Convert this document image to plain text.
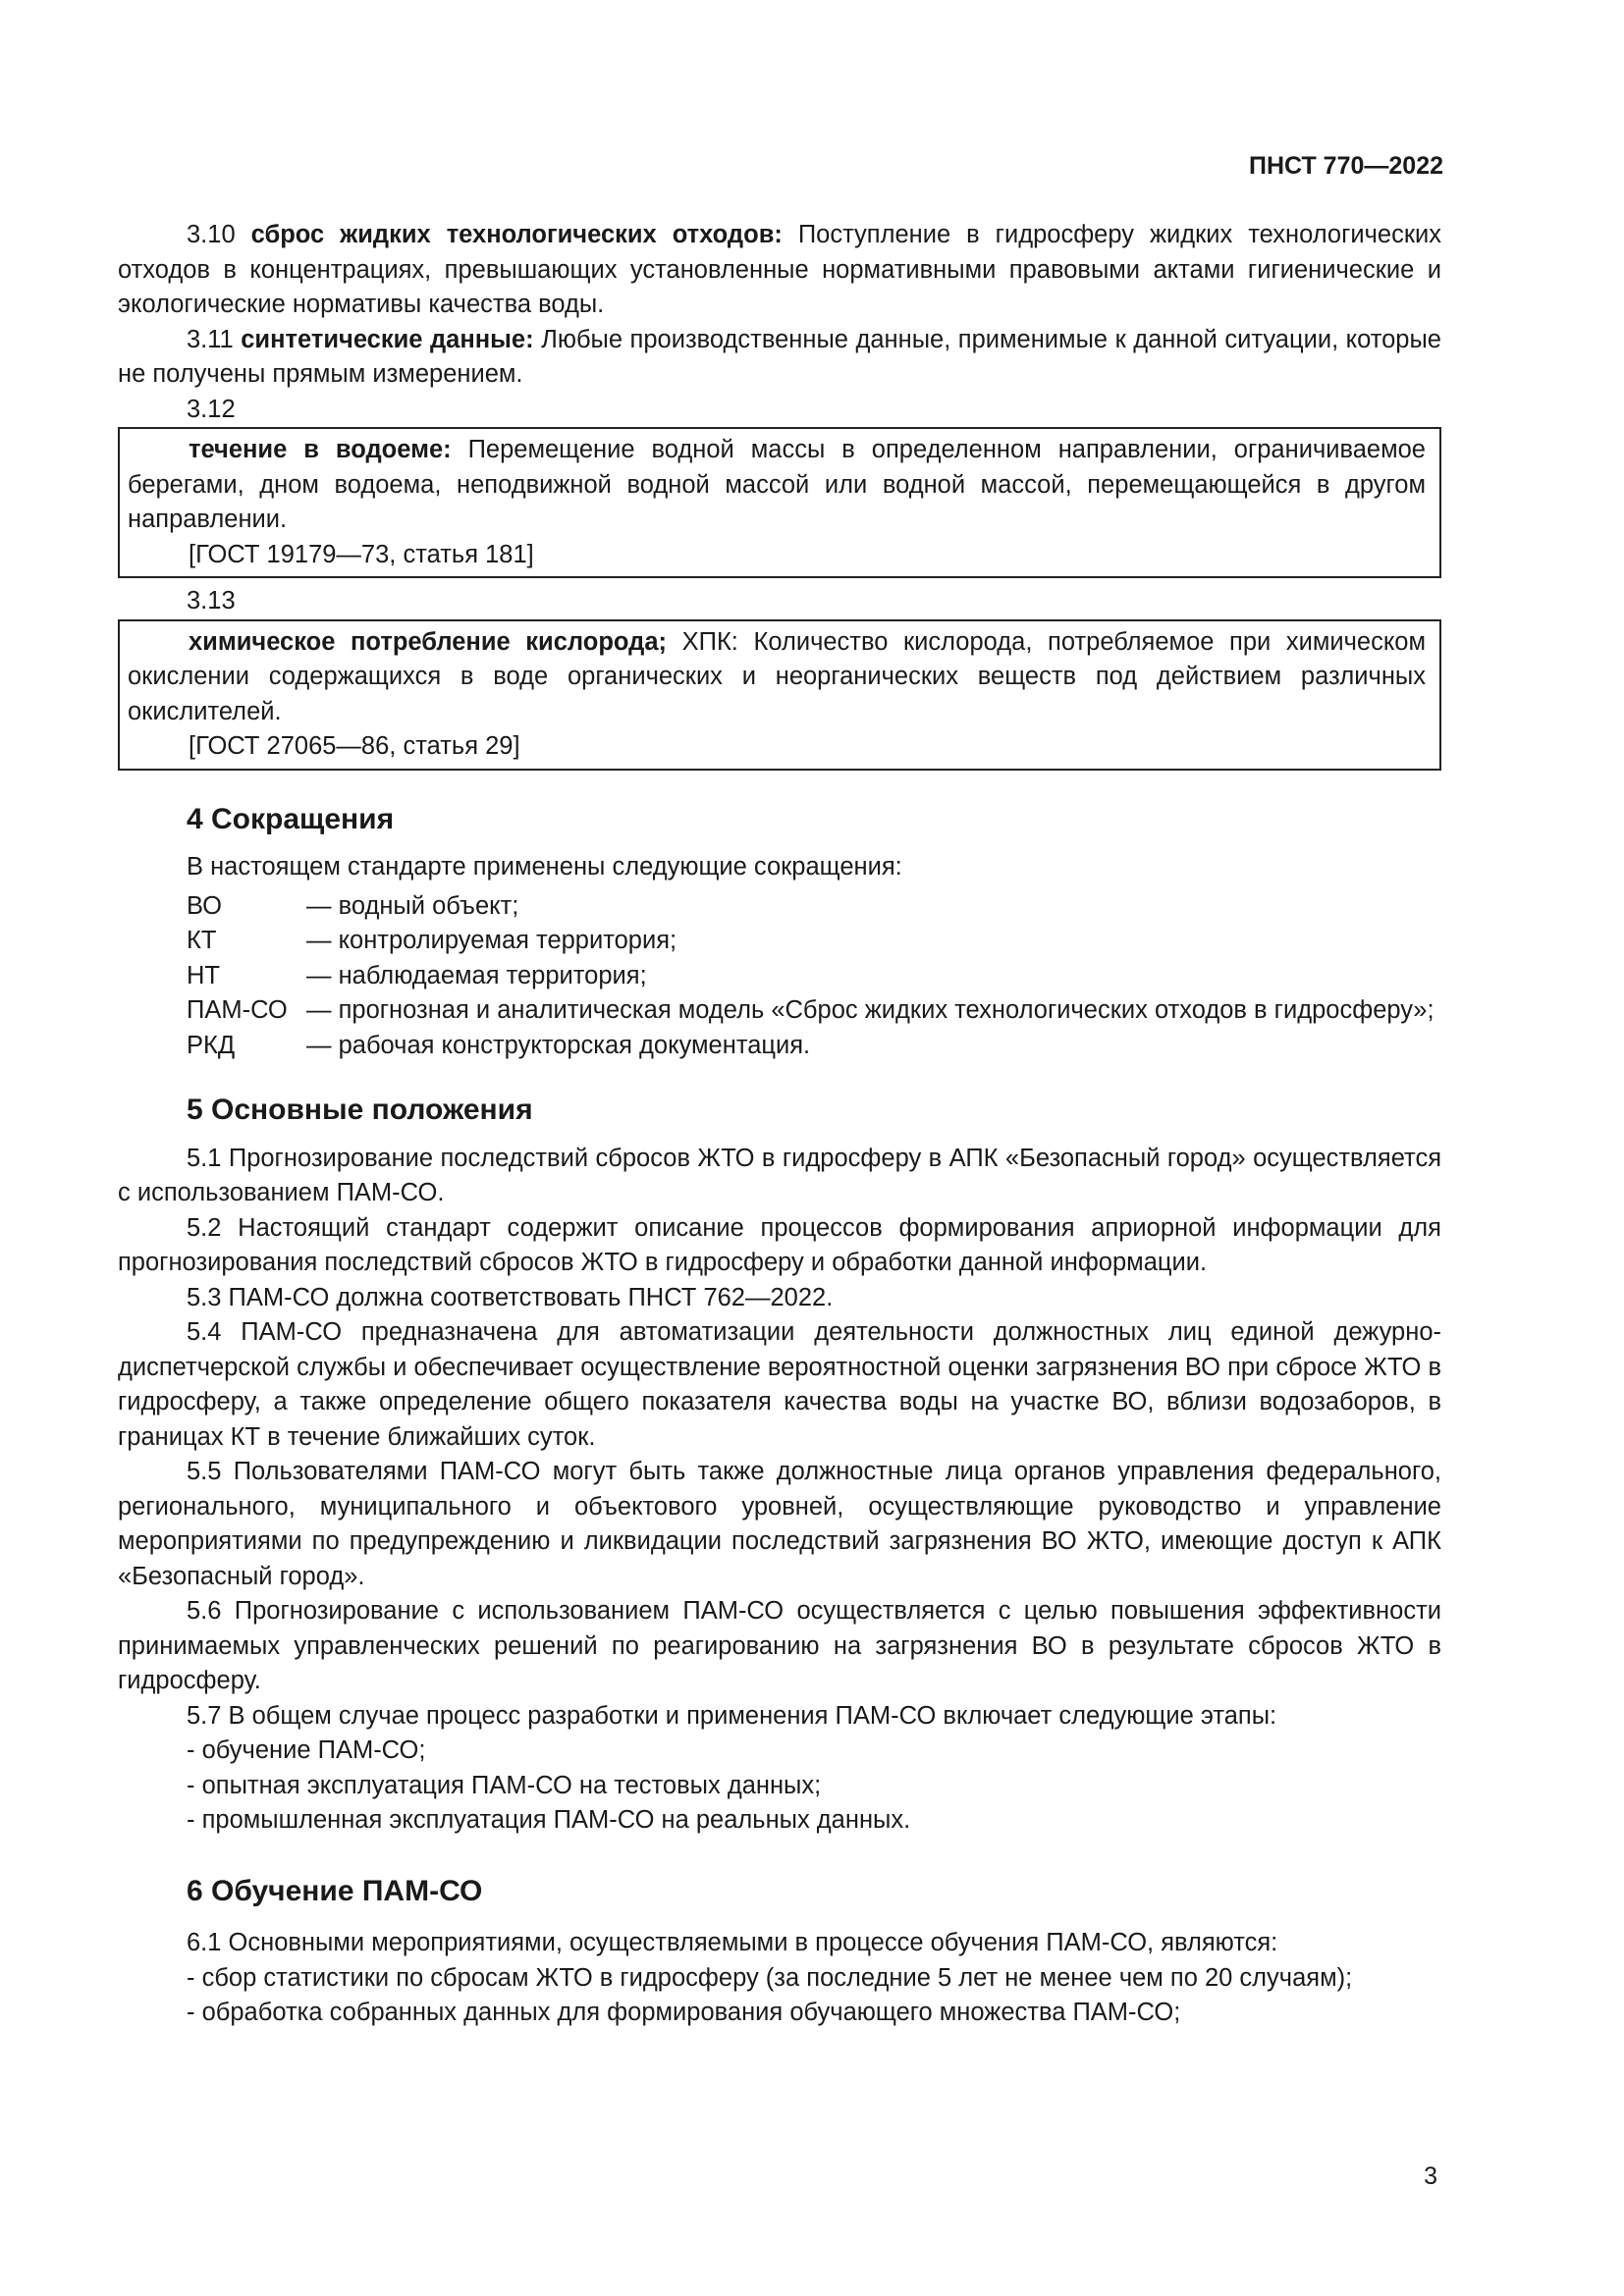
ПНСТ 770—2022

3.10 сброс жидких технологических отходов: Поступление в гидросферу жидких технологических отходов в концентрациях, превышающих установленные нормативными правовыми актами гигиенические и экологические нормативы качества воды.

3.11 синтетические данные: Любые производственные данные, применимые к данной ситуации, которые не получены прямым измерением.

3.12

течение в водоеме: Перемещение водной массы в определенном направлении, ограничиваемое берегами, дном водоема, неподвижной водной массой или водной массой, перемещающейся в другом направлении.

[ГОСТ 19179—73, статья 181]

3.13

химическое потребление кислорода; ХПК: Количество кислорода, потребляемое при химическом окислении содержащихся в воде органических и неорганических веществ под действием различных окислителей.

[ГОСТ 27065—86, статья 29]

4 Сокращения

В настоящем стандарте применены следующие сокращения:

ВО	— водный объект;
КТ	— контролируемая территория;
НТ	— наблюдаемая территория;
ПАМ-СО — прогнозная и аналитическая модель «Сброс жидких технологических отходов в гидросферу»;
РКД	— рабочая конструкторская документация.
5 Основные положения

5.1 Прогнозирование последствий сбросов ЖТО в гидросферу в АПК «Безопасный город» осуществляется с использованием ПАМ-СО.

5.2 Настоящий стандарт содержит описание процессов формирования априорной информации для прогнозирования последствий сбросов ЖТО в гидросферу и обработки данной информации.

5.3 ПАМ-СО должна соответствовать ПНСТ 762—2022.

5.4 ПАМ-СО предназначена для автоматизации деятельности должностных лиц единой дежурно-диспетчерской службы и обеспечивает осуществление вероятностной оценки загрязнения ВО при сбросе ЖТО в гидросферу, а также определение общего показателя качества воды на участке ВО, вблизи водозаборов, в границах КТ в течение ближайших суток.

5.5 Пользователями ПАМ-СО могут быть также должностные лица органов управления федерального, регионального, муниципального и объектового уровней, осуществляющие руководство и управление мероприятиями по предупреждению и ликвидации последствий загрязнения ВО ЖТО, имеющие доступ к АПК «Безопасный город».

5.6 Прогнозирование с использованием ПАМ-СО осуществляется с целью повышения эффективности принимаемых управленческих решений по реагированию на загрязнения ВО в результате сбросов ЖТО в гидросферу.

5.7 В общем случае процесс разработки и применения ПАМ-СО включает следующие этапы:

- обучение ПАМ-СО;

- опытная эксплуатация ПАМ-СО на тестовых данных;

- промышленная эксплуатация ПАМ-СО на реальных данных.

6 Обучение ПАМ-СО

6.1 Основными мероприятиями, осуществляемыми в процессе обучения ПАМ-СО, являются:

- сбор статистики по сбросам ЖТО в гидросферу (за последние 5 лет не менее чем по 20 случаям);

- обработка собранных данных для формирования обучающего множества ПАМ-СО;

3
